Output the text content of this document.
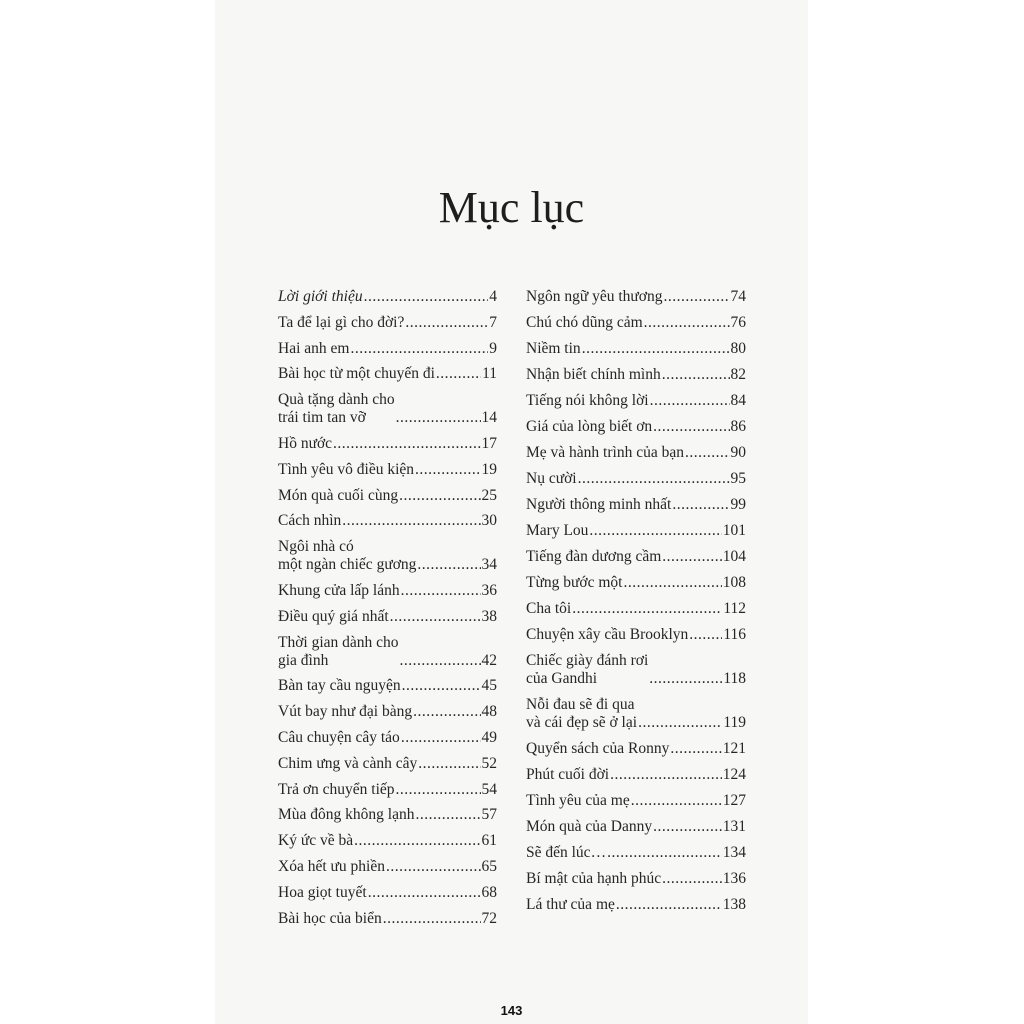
Mục lục
Lời giới thiệu .....	4
Ta để lại gì cho đời? .....	7
Hai anh em .....	9
Bài học từ một chuyến đi .....	11
Quà tặng dành cho
trái tim tan vỡ .....	14
Hồ nước .....	17
Tình yêu vô điều kiện .....	19
Món quà cuối cùng .....	25
Cách nhìn .....	30
Ngôi nhà có
một ngàn chiếc gương .....	34
Khung cửa lấp lánh .....	36
Điều quý giá nhất .....	38
Thời gian dành cho
gia đình .....	42
Bàn tay cầu nguyện .....	45
Vút bay như đại bàng .....	48
Câu chuyện cây táo .....	49
Chim ưng và cành cây .....	52
Trả ơn chuyển tiếp .....	54
Mùa đông không lạnh .....	57
Ký ức về bà .....	61
Xóa hết ưu phiền .....	65
Hoa giọt tuyết .....	68
Bài học của biển .....	72
Ngôn ngữ yêu thương .....	74
Chú chó dũng cảm .....	76
Niềm tin .....	80
Nhận biết chính mình .....	82
Tiếng nói không lời .....	84
Giá của lòng biết ơn .....	86
Mẹ và hành trình của bạn .....	90
Nụ cười .....	95
Người thông minh nhất .....	99
Mary Lou .....	101
Tiếng đàn dương cầm .....	104
Từng bước một .....	108
Cha tôi .....	112
Chuyện xây cầu Brooklyn ..... 116
Chiếc giày đánh rơi
của Gandhi .....	118
Nỗi đau sẽ đi qua
và cái đẹp sẽ ở lại .....	119
Quyển sách của Ronny .....	121
Phút cuối đời .....	124
Tình yêu của mẹ .....	127
Món quà của Danny .....	131
Sẽ đến lúc… .....	134
Bí mật của hạnh phúc .....	136
Lá thư của mẹ .....	138
143
